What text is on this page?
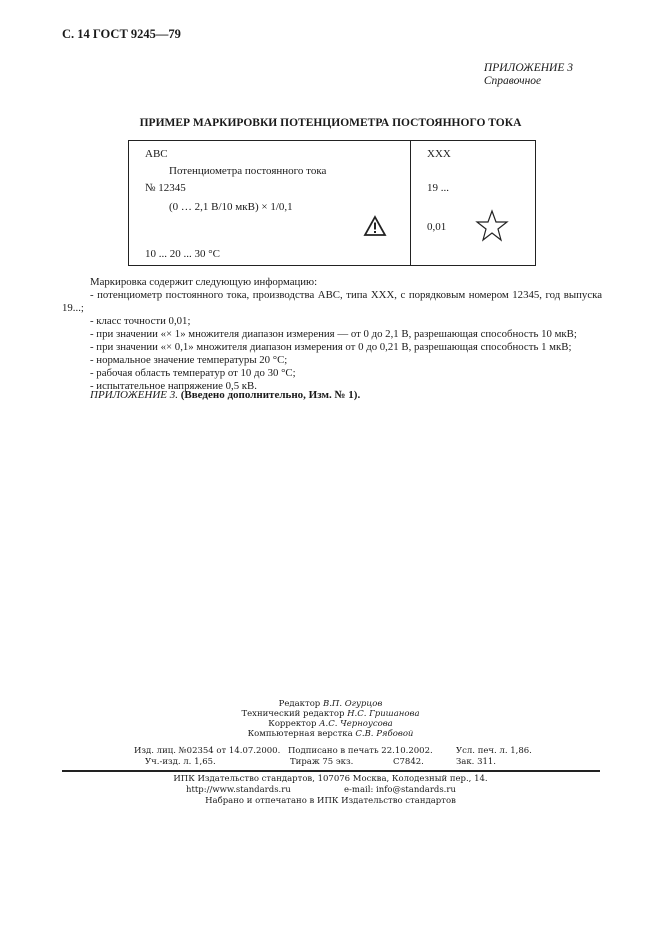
С. 14 ГОСТ 9245—79
ПРИЛОЖЕНИЕ 3
Справочное
ПРИМЕР МАРКИРОВКИ ПОТЕНЦИОМЕТРА ПОСТОЯННОГО ТОКА
АВС
Потенциометра постоянного тока
№ 12345
(0 … 2,1 В/10 мкВ) × 1/0,1
10 ... 20 ... 30 °С
XXX
19 ...
0,01

Маркировка содержит следующую информацию:

- потенциометр постоянного тока, производства АВС, типа XXX, с порядковым номером 12345, год выпуска 19...;

- класс точности 0,01;

- при значении «× 1» множителя диапазон измерения — от 0 до 2,1 В, разрешающая способность 10 мкВ;

- при значении «× 0,1» множителя диапазон измерения от 0 до 0,21 В, разрешающая способность 1 мкВ;

- нормальное значение температуры 20 °С;

- рабочая область температур от 10 до 30 °С;

- испытательное напряжение 0,5 кВ.

ПРИЛОЖЕНИЕ 3. (Введено дополнительно, Изм. № 1).
Редактор В.П. Огурцов
Технический редактор Н.С. Гришанова
Корректор А.С. Черноусова
Компьютерная верстка С.В. Рябовой
Изд. лиц. №02354 от 14.07.2000. Подписано в печать 22.10.2002.	Усл. печ. л. 1,86.
Уч.-изд. л. 1,65.	Тираж 75 экз.	С7842.	Зак. 311.
ИПК Издательство стандартов, 107076 Москва, Колодезный пер., 14.
http://www.standards.ru	e-mail: info@standards.ru
Набрано и отпечатано в ИПК Издательство стандартов
